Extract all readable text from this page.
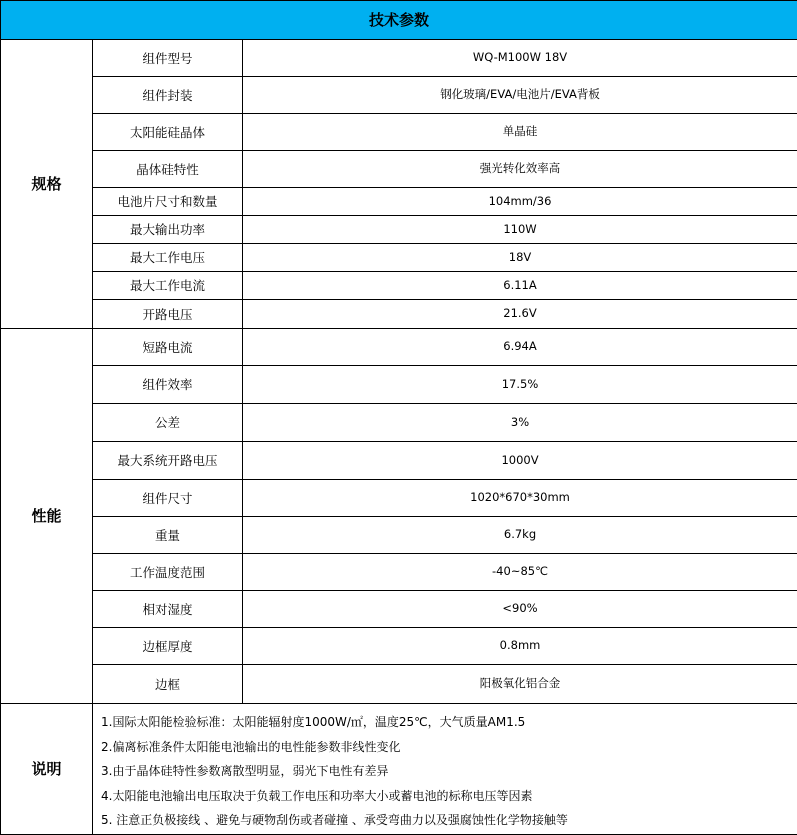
技术参数		
规格	组件型号	WQ-M100W 18V
	组件封装	钢化玻璃/EVA/电池片/EVA背板
	太阳能硅晶体	单晶硅
	晶体硅特性	强光转化效率高
	电池片尺寸和数量	104mm/36
	最大输出功率	110W
	最大工作电压	18V
	最大工作电流	6.11A
	开路电压	21.6V
性能	短路电流	6.94A
	组件效率	17.5%
	公差	3%
	最大系统开路电压	1000V
	组件尺寸	1020*670*30mm
	重量	6.7kg
	工作温度范围	-40~85℃
	相对湿度	<90%
	边框厚度	0.8mm
	边框	阳极氧化铝合金
说明	1.国际太阳能检验标准：太阳能辐射度1000W/㎡，温度25℃，大气质量AM1.5
2.偏离标准条件太阳能电池输出的电性能参数非线性变化
3.由于晶体硅特性参数离散型明显，弱光下电性有差异
4.太阳能电池输出电压取决于负载工作电压和功率大小或蓄电池的标称电压等因素
5. 注意正负极接线 、避免与硬物刮伤或者碰撞 、承受弯曲力以及强腐蚀性化学物接触等	
